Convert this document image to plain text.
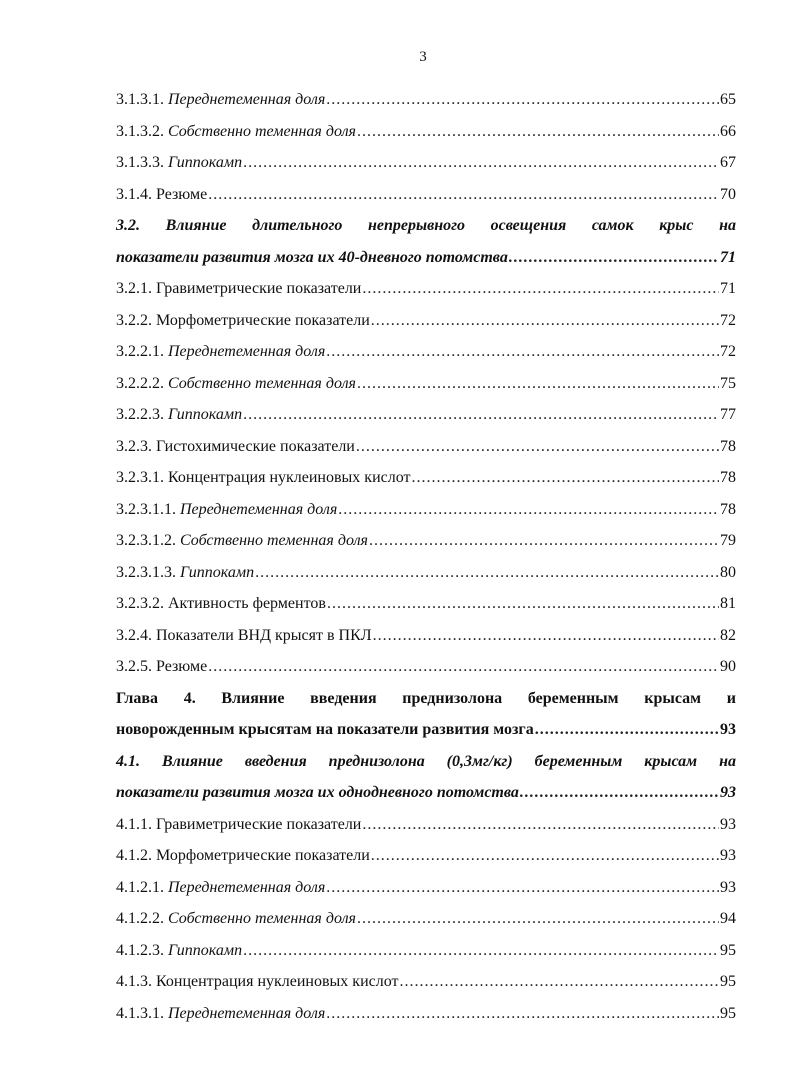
3
3.1.3.1. Переднетеменная доля .....	65
3.1.3.2. Собственно теменная доля .....	66
3.1.3.3. Гиппокамп .....	67
3.1.4. Резюме .....	70
3.2. Влияние длительного непрерывного освещения самок крыс на
показатели развития мозга их 40-дневного потомства .....	71
3.2.1. Гравиметрические показатели .....	71
3.2.2. Морфометрические показатели .....	72
3.2.2.1. Переднетеменная доля .....	72
3.2.2.2. Собственно теменная доля .....	75
3.2.2.3. Гиппокамп .....	77
3.2.3. Гистохимические показатели .....	78
3.2.3.1. Концентрация нуклеиновых кислот .....	78
3.2.3.1.1. Переднетеменная доля .....	78
3.2.3.1.2. Собственно теменная доля .....	79
3.2.3.1.3. Гиппокамп .....	80
3.2.3.2. Активность ферментов .....	81
3.2.4. Показатели ВНД крысят в ПКЛ .....	82
3.2.5. Резюме .....	90
Глава 4. Влияние введения преднизолона беременным крысам и
новорожденным крысятам на показатели развития мозга .....	93
4.1. Влияние введения преднизолона (0,3мг/кг) беременным крысам на
показатели развития мозга их однодневного потомства .....	93
4.1.1. Гравиметрические показатели .....	93
4.1.2. Морфометрические показатели .....	93
4.1.2.1. Переднетеменная доля .....	93
4.1.2.2. Собственно теменная доля .....	94
4.1.2.3. Гиппокамп .....	95
4.1.3. Концентрация нуклеиновых кислот .....	95
4.1.3.1. Переднетеменная доля .....	95
